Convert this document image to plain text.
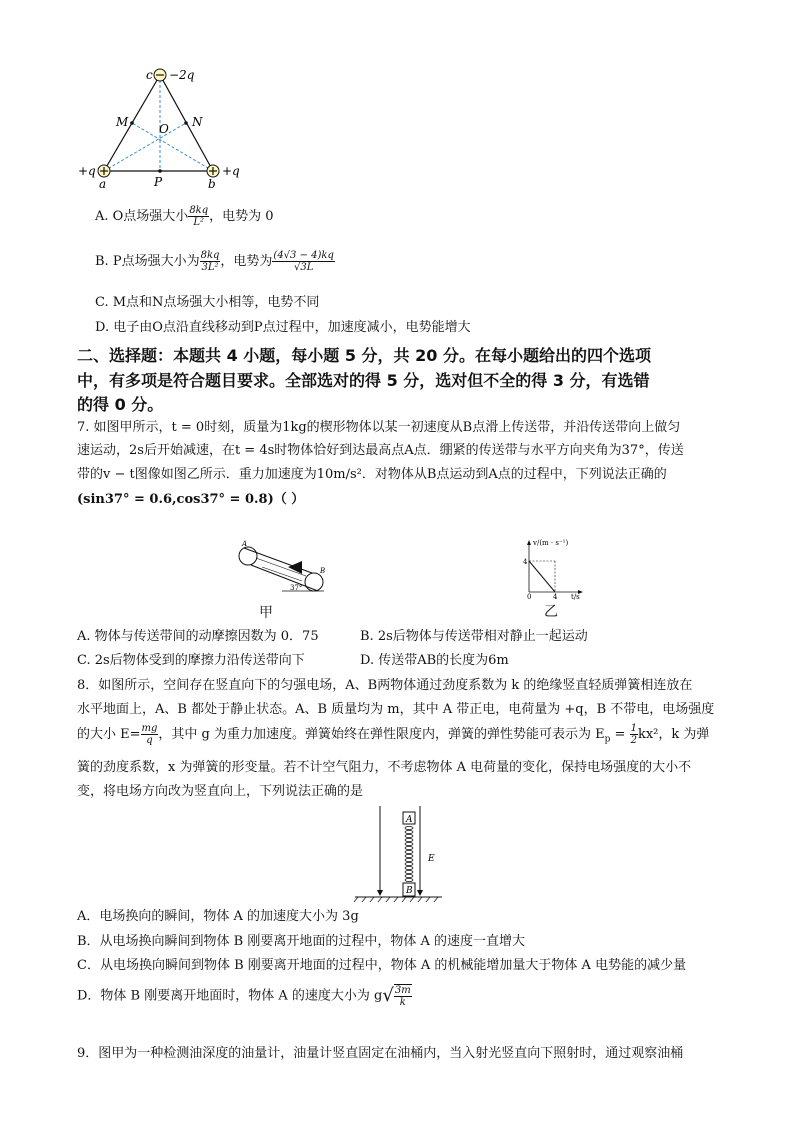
c −2q
+q
a	b
+q
M	N
O
P
A. O点场强大小 $\frac{8kq}{\text{L²}}$ ，电势为 0
B. P点场强大小为 $\frac{8kq}{\text{3L²}}$ ，电势为 $\frac{(4√3 - 4)kq}{√3L}$
C. M点和N点场强大小相等，电势不同
D. 电子由O点沿直线移动到P点过程中，加速度减小，电势能增大
二、选择题：本题共 4 小题，每小题 5 分，共 20 分。在每小题给出的四个选项
中，有多项是符合题目要求。全部选对的得 5 分，选对但不全的得 3 分，有选错
的得 0 分。
7. 如图甲所示，t = 0时刻，质量为1kg的楔形物体以某一初速度从B点滑上传送带，并沿传送带向上做匀
速运动，2s后开始减速，在t = 4s时物体恰好到达最高点A点．绷紧的传送带与水平方向夹角为37°，传送
带的v − t图像如图乙所示．重力加速度为10m/s²．对物体从B点运动到A点的过程中，下列说法正确的
(sin37° = 0.6,cos37° = 0.8)（ ）
A
B
37°
甲
v/(m · s⁻¹)
t/s
4
0	4
乙
A. 物体与传送带间的动摩擦因数为 0．75	B. 2s后物体与传送带相对静止一起运动
C. 2s后物体受到的摩擦力沿传送带向下	D. 传送带AB的长度为6m
8．如图所示，空间存在竖直向下的匀强电场，A、B两物体通过劲度系数为 k 的绝缘竖直轻质弹簧相连放在
水平地面上，A、B 都处于静止状态。A、B 质量均为 m，其中 A 带正电，电荷量为 +q，B 不带电，电场强度
的大小 $E= \frac{mg}{q}$ ，其中 g 为重力加速度。弹簧始终在弹性限度内，弹簧的弹性势能可表示为 $E_p = \frac{1}{2} kx^2$，k 为弹
簧的劲度系数，x 为弹簧的形变量。若不计空气阻力，不考虑物体 A 电荷量的变化，保持电场强度的大小不
变，将电场方向改为竖直向上，下列说法正确的是
A
B
E
A．电场换向的瞬间，物体 A 的加速度大小为 3g
B．从电场换向瞬间到物体 B 刚要离开地面的过程中，物体 A 的速度一直增大
C．从电场换向瞬间到物体 B 刚要离开地面的过程中，物体 A 的机械能增加量大于物体 A 电势能的减少量
D．物体 B 刚要离开地面时，物体 A 的速度大小为 $g√ \frac{3m}{k}$
9．图甲为一种检测油深度的油量计，油量计竖直固定在油桶内，当入射光竖直向下照射时，通过观察油桶
